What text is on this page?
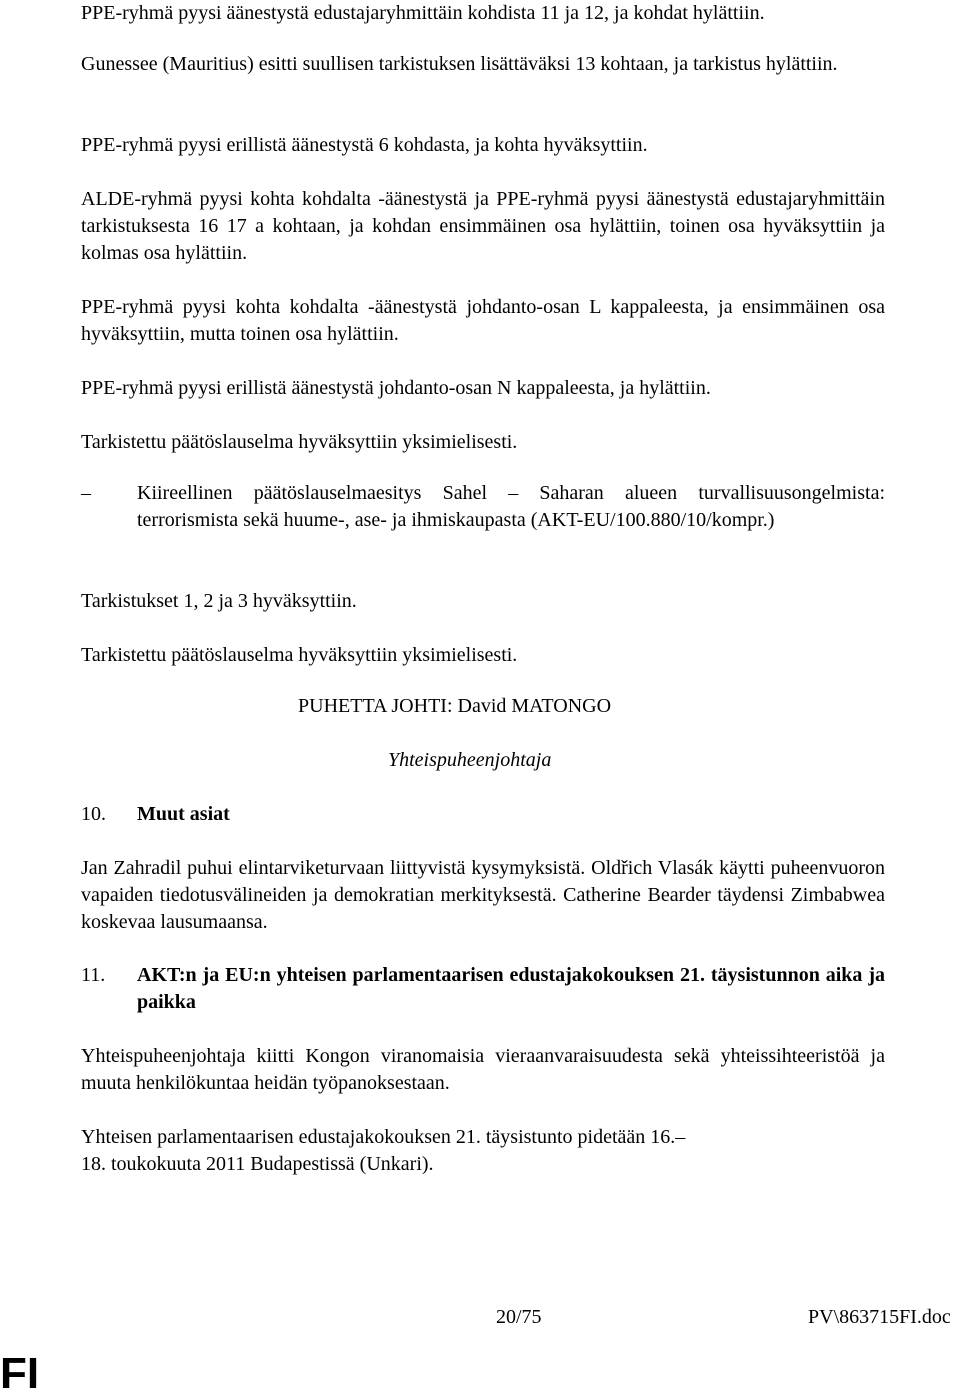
PPE-ryhmä pyysi äänestystä edustajaryhmittäin kohdista 11 ja 12, ja kohdat hylättiin.

Gunessee (Mauritius) esitti suullisen tarkistuksen lisättäväksi 13 kohtaan, ja tarkistus hylättiin.

PPE-ryhmä pyysi erillistä äänestystä 6 kohdasta, ja kohta hyväksyttiin.

ALDE-ryhmä pyysi kohta kohdalta -äänestystä ja PPE-ryhmä pyysi äänestystä edustajaryhmittäin tarkistuksesta 16 17 a kohtaan, ja kohdan ensimmäinen osa hylättiin, toinen osa hyväksyttiin ja kolmas osa hylättiin.

PPE-ryhmä pyysi kohta kohdalta -äänestystä johdanto-osan L kappaleesta, ja ensimmäinen osa hyväksyttiin, mutta toinen osa hylättiin.

PPE-ryhmä pyysi erillistä äänestystä johdanto-osan N kappaleesta, ja hylättiin.

Tarkistettu päätöslauselma hyväksyttiin yksimielisesti.

–	Kiireellinen päätöslauselmaesitys Sahel – Saharan alueen turvallisuusongelmista: terrorismista sekä huume-, ase- ja ihmiskaupasta (AKT-EU/100.880/10/kompr.)

Tarkistukset 1, 2 ja 3 hyväksyttiin.

Tarkistettu päätöslauselma hyväksyttiin yksimielisesti.

PUHETTA JOHTI: David MATONGO

Yhteispuheenjohtaja

10. Muut asiat

Jan Zahradil puhui elintarviketurvaan liittyvistä kysymyksistä. Oldřich Vlasák käytti puheenvuoron vapaiden tiedotusvälineiden ja demokratian merkityksestä. Catherine Bearder täydensi Zimbabwea koskevaa lausumaansa.

11. AKT:n ja EU:n yhteisen parlamentaarisen edustajakokouksen 21. täysistunnon aika ja paikka

Yhteispuheenjohtaja kiitti Kongon viranomaisia vieraanvaraisuudesta sekä yhteissihteeristöä ja muuta henkilökuntaa heidän työpanoksestaan.

Yhteisen parlamentaarisen edustajakokouksen 21. täysistunto pidetään 16.–

18. toukokuuta 2011 Budapestissä (Unkari).

20/75	PV\863715FI.doc
FI
